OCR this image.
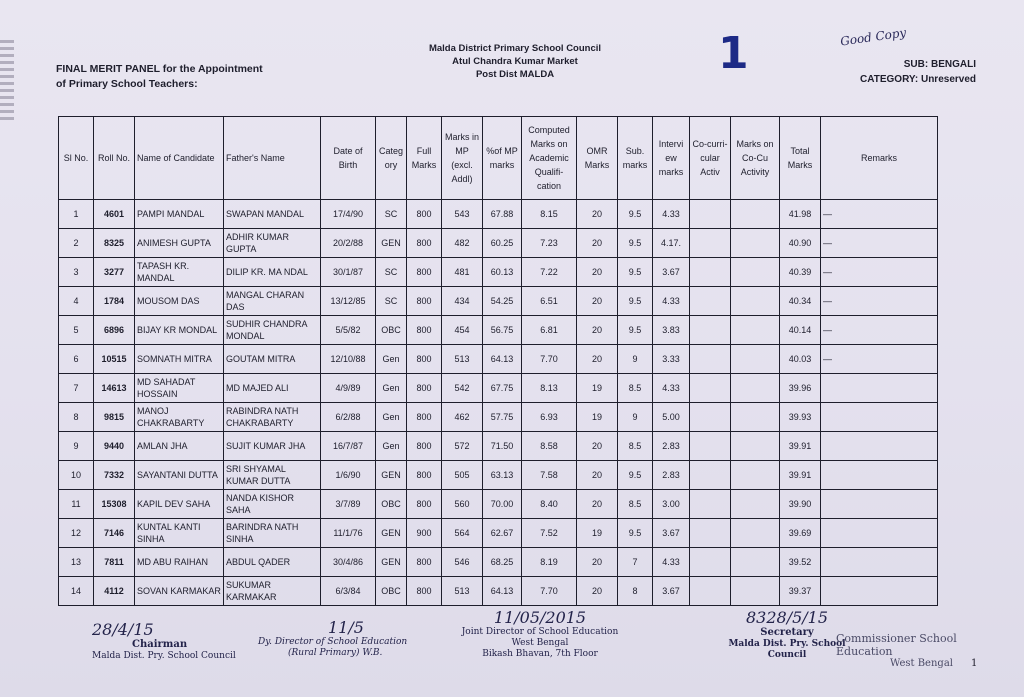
FINAL MERIT PANEL for the Appointment
of Primary School Teachers:
Malda District Primary School Council
Atul Chandra Kumar Market
Post Dist MALDA	1	Good Copy
SUB: BENGALI
CATEGORY: Unreserved
Sl No.	Roll No.	Name of Candidate	Father's Name	Date of Birth	Categ ory	Full Marks	Marks in MP (excl. Addl)	%of MP marks	Computed Marks on Academic Qualifi-cation	OMR Marks	Sub. marks	Intervi ew marks	Co-curri-cular Activ	Marks on Co-Cu Activity	Total Marks	Remarks
1	4601	PAMPI MANDAL	SWAPAN MANDAL	17/4/90	SC	800	543	67.88	8.15	20	9.5	4.33			41.98	—
2	8325	ANIMESH GUPTA	ADHIR KUMAR GUPTA	20/2/88	GEN	800	482	60.25	7.23	20	9.5	4.17.			40.90	—
3	3277	TAPASH KR. MANDAL	DILIP KR. MA NDAL	30/1/87	SC	800	481	60.13	7.22	20	9.5	3.67			40.39	—
4	1784	MOUSOM DAS	MANGAL CHARAN DAS	13/12/85	SC	800	434	54.25	6.51	20	9.5	4.33			40.34	—
5	6896	BIJAY KR MONDAL	SUDHIR CHANDRA MONDAL	5/5/82	OBC	800	454	56.75	6.81	20	9.5	3.83			40.14	—
6	10515	SOMNATH MITRA	GOUTAM MITRA	12/10/88	Gen	800	513	64.13	7.70	20	9	3.33			40.03	—
7	14613	MD SAHADAT HOSSAIN	MD MAJED ALI	4/9/89	Gen	800	542	67.75	8.13	19	8.5	4.33			39.96	
8	9815	MANOJ CHAKRABARTY	RABINDRA NATH CHAKRABARTY	6/2/88	Gen	800	462	57.75	6.93	19	9	5.00			39.93	
9	9440	AMLAN JHA	SUJIT KUMAR JHA	16/7/87	Gen	800	572	71.50	8.58	20	8.5	2.83			39.91	
10	7332	SAYANTANI DUTTA	SRI SHYAMAL KUMAR DUTTA	1/6/90	GEN	800	505	63.13	7.58	20	9.5	2.83			39.91	
11	15308	KAPIL DEV SAHA	NANDA KISHOR SAHA	3/7/89	OBC	800	560	70.00	8.40	20	8.5	3.00			39.90	
12	7146	KUNTAL KANTI SINHA	BARINDRA NATH SINHA	11/1/76	GEN	900	564	62.67	7.52	19	9.5	3.67			39.69	
13	7811	MD ABU RAIHAN	ABDUL QADER	30/4/86	GEN	800	546	68.25	8.19	20	7	4.33			39.52	
14	4112	SOVAN KARMAKAR	SUKUMAR KARMAKAR	6/3/84	OBC	800	513	64.13	7.70	20	8	3.67			39.37	
28/4/15
Chairman
Malda Dist. Pry. School Council
11/5
Dy. Director of School Education
(Rural Primary) W.B.
11/05/2015
Joint Director of School Education
West Bengal
Bikash Bhavan, 7th Floor
8328/5/15
Secretary
Malda Dist. Pry. School Council
Commissioner School Education
West Bengal 1
